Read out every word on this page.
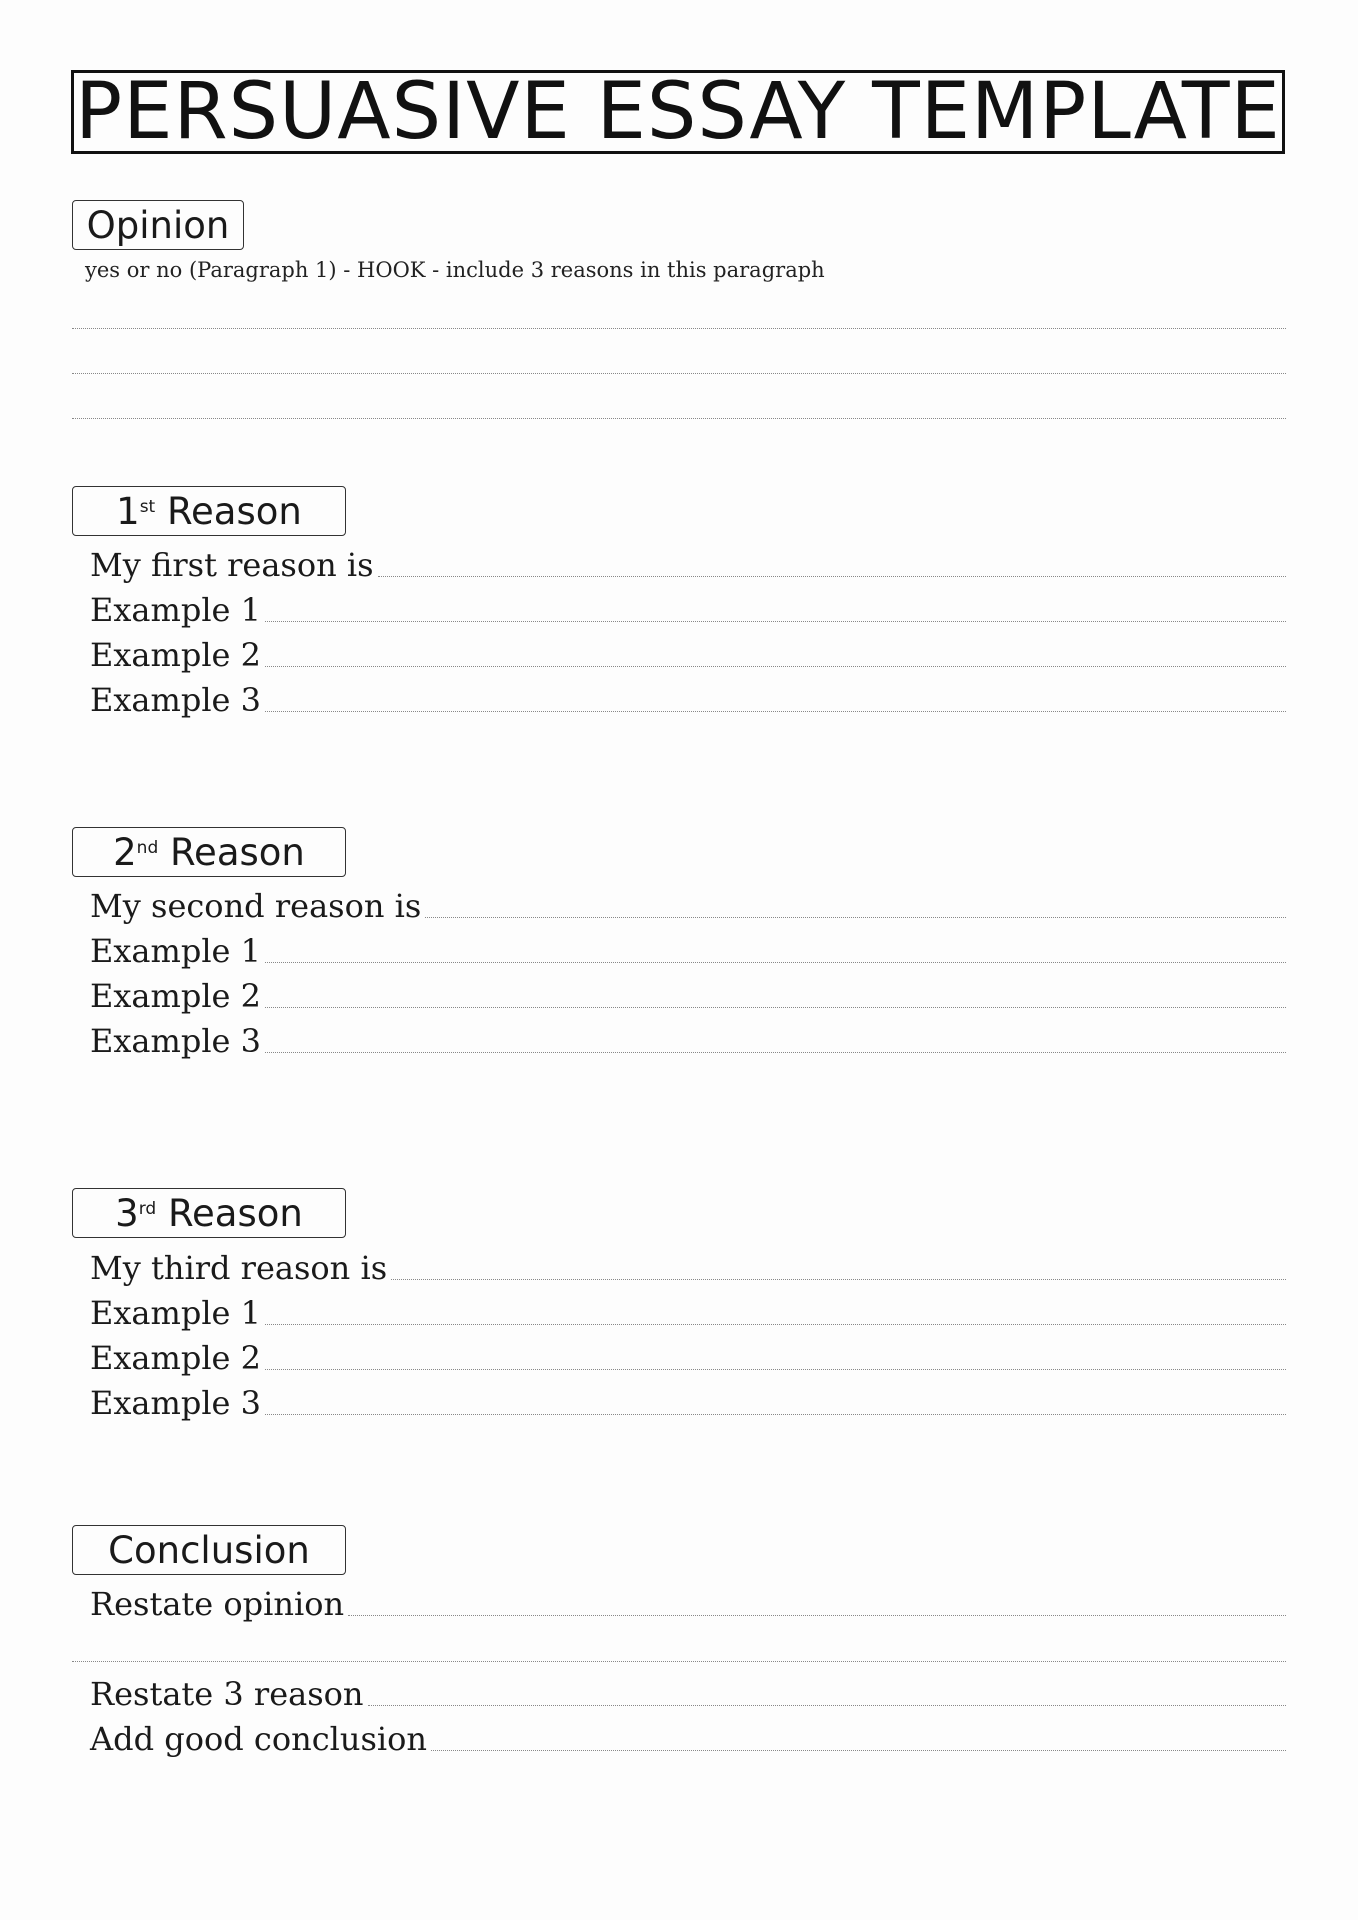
PERSUASIVE ESSAY TEMPLATE
Opinion
yes or no (Paragraph 1) - HOOK - include 3 reasons in this paragraph
1st
Reason
My first reason is
Example 1
Example 2
Example 3
2nd
Reason
My second reason is
Example 1
Example 2
Example 3
3rd
Reason
My third reason is
Example 1
Example 2
Example 3
Conclusion
Restate opinion
Restate 3 reason
Add good conclusion
